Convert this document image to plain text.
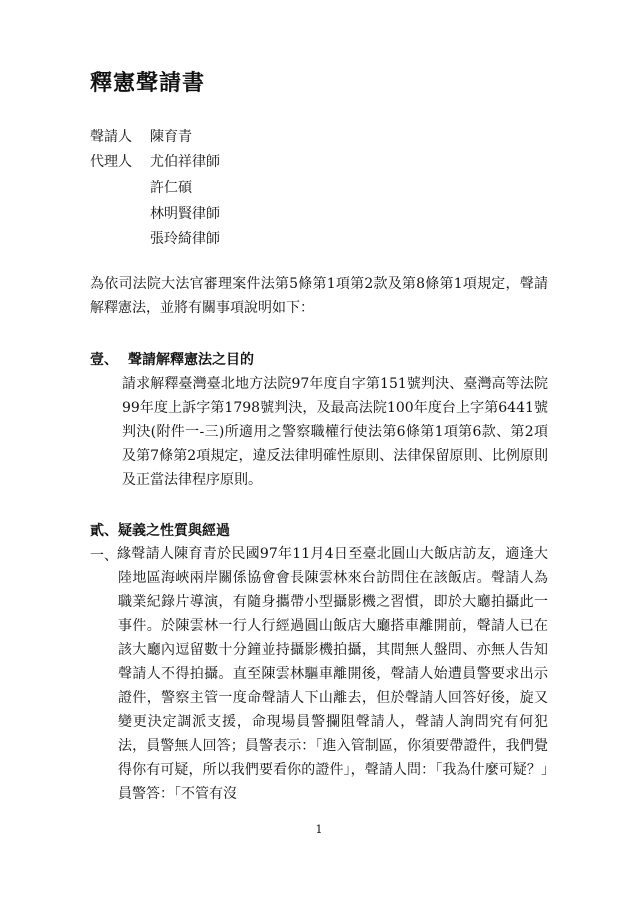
釋憲聲請書
聲請人 陳育青
代理人 尤伯祥律師
許仁碩
林明賢律師
張玲綺律師

為依司法院大法官審理案件法第5條第1項第2款及第8條第1項規定，聲請解釋憲法，並將有關事項說明如下：

壹、 聲請解釋憲法之目的

請求解釋臺灣臺北地方法院97年度自字第151號判決、臺灣高等法院99年度上訴字第1798號判決，及最高法院100年度台上字第6441號判決(附件一-三)所適用之警察職權行使法第6條第1項第6款、第2項及第7條第2項規定，違反法律明確性原則、法律保留原則、比例原則及正當法律程序原則。

貳、疑義之性質與經過
一、 緣聲請人陳育青於民國97年11月4日至臺北圓山大飯店訪友，適逢大陸地區海峽兩岸關係協會會長陳雲林來台訪問住在該飯店。聲請人為職業紀錄片導演，有隨身攜帶小型攝影機之習慣，即於大廳拍攝此一事件。於陳雲林一行人行經過圓山飯店大廳搭車離開前，聲請人已在該大廳內逗留數十分鐘並持攝影機拍攝，其間無人盤問、亦無人告知聲請人不得拍攝。直至陳雲林驅車離開後，聲請人始遭員警要求出示證件，警察主管一度命聲請人下山離去，但於聲請人回答好後，旋又變更決定調派支援，命現場員警攔阻聲請人，聲請人詢問究有何犯法，員警無人回答；員警表示：「進入管制區，你須要帶證件，我們覺得你有可疑，所以我們要看你的證件」，聲請人問：「我為什麼可疑？」員警答：「不管有沒

1
